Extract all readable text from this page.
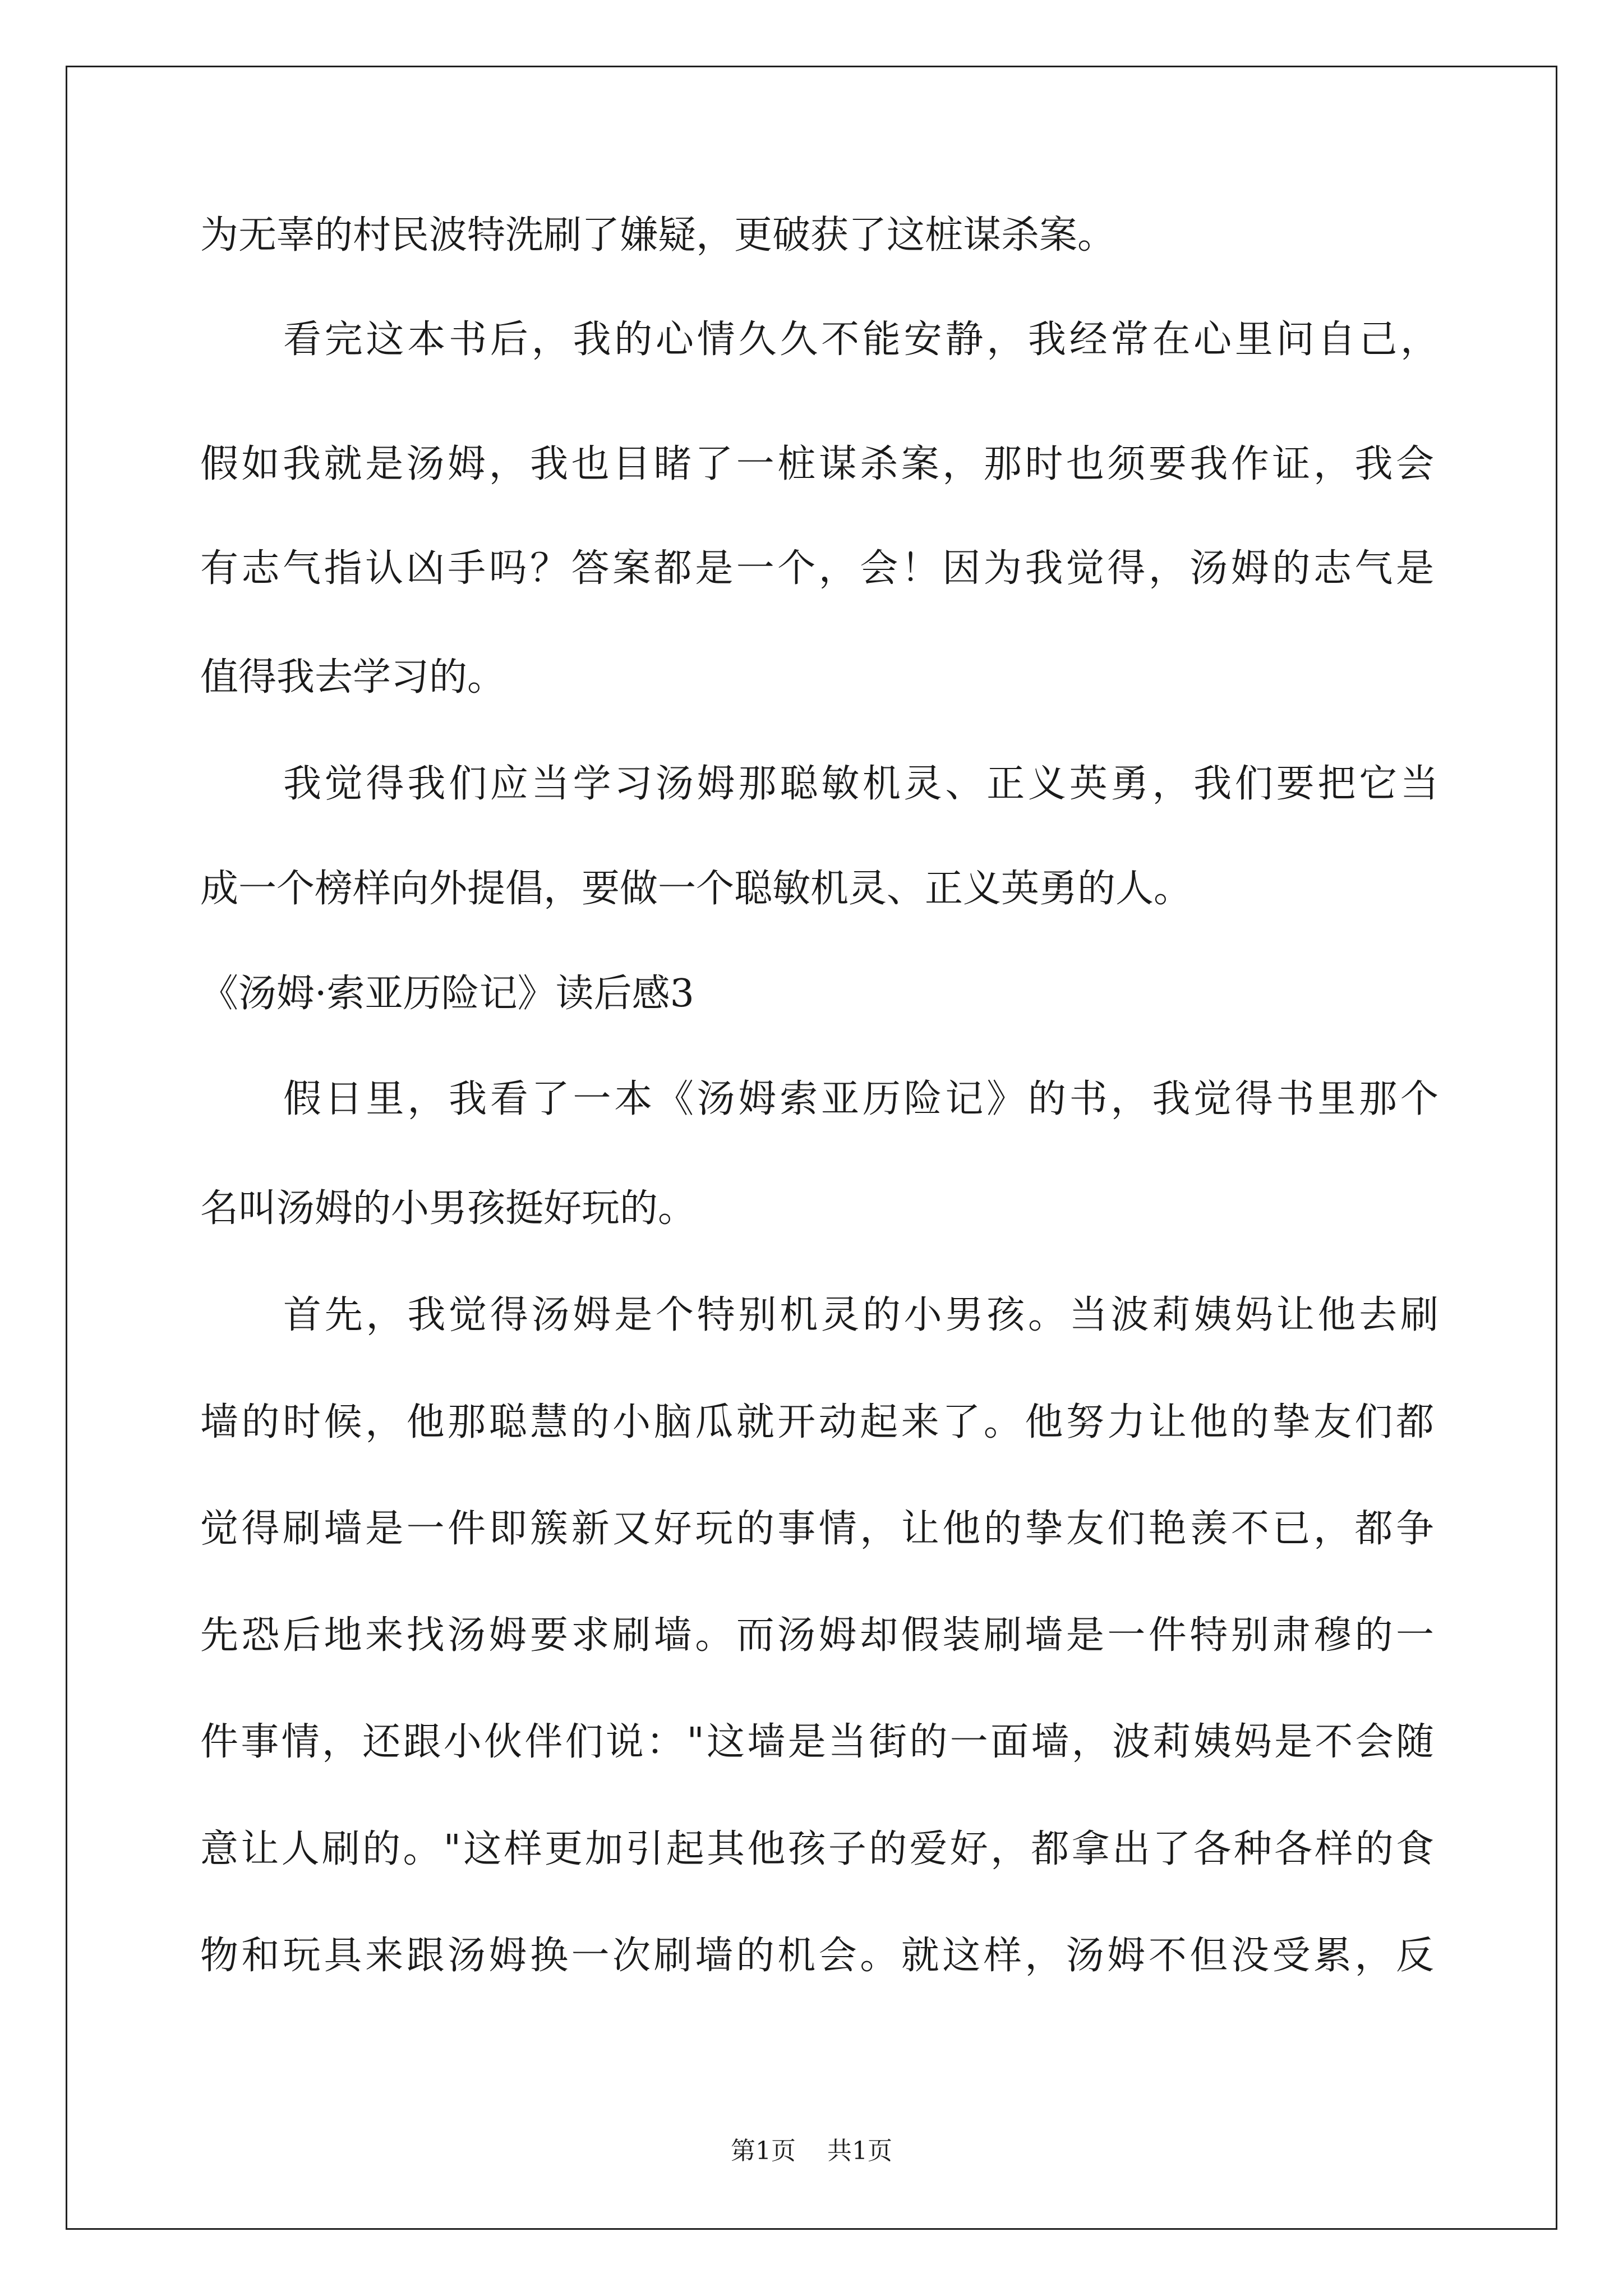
为无辜的村民波特洗刷了嫌疑，更破获了这桩谋杀案。
看完这本书后，我的心情久久不能安静，我经常在心里问自己，
假如我就是汤姆，我也目睹了一桩谋杀案，那时也须要我作证，我会
有志气指认凶手吗？答案都是一个，会！因为我觉得，汤姆的志气是
值得我去学习的。
我觉得我们应当学习汤姆那聪敏机灵、正义英勇，我们要把它当
成一个榜样向外提倡，要做一个聪敏机灵、正义英勇的人。
《汤姆·索亚历险记》读后感3
假日里，我看了一本《汤姆索亚历险记》的书，我觉得书里那个
名叫汤姆的小男孩挺好玩的。
首先，我觉得汤姆是个特别机灵的小男孩。当波莉姨妈让他去刷
墙的时候，他那聪慧的小脑瓜就开动起来了。他努力让他的挚友们都
觉得刷墙是一件即簇新又好玩的事情，让他的挚友们艳羡不已，都争
先恐后地来找汤姆要求刷墙。而汤姆却假装刷墙是一件特别肃穆的一
件事情，还跟小伙伴们说："这墙是当街的一面墙，波莉姨妈是不会随
意让人刷的。"这样更加引起其他孩子的爱好，都拿出了各种各样的食
物和玩具来跟汤姆换一次刷墙的机会。就这样，汤姆不但没受累，反
第1页 共1页
